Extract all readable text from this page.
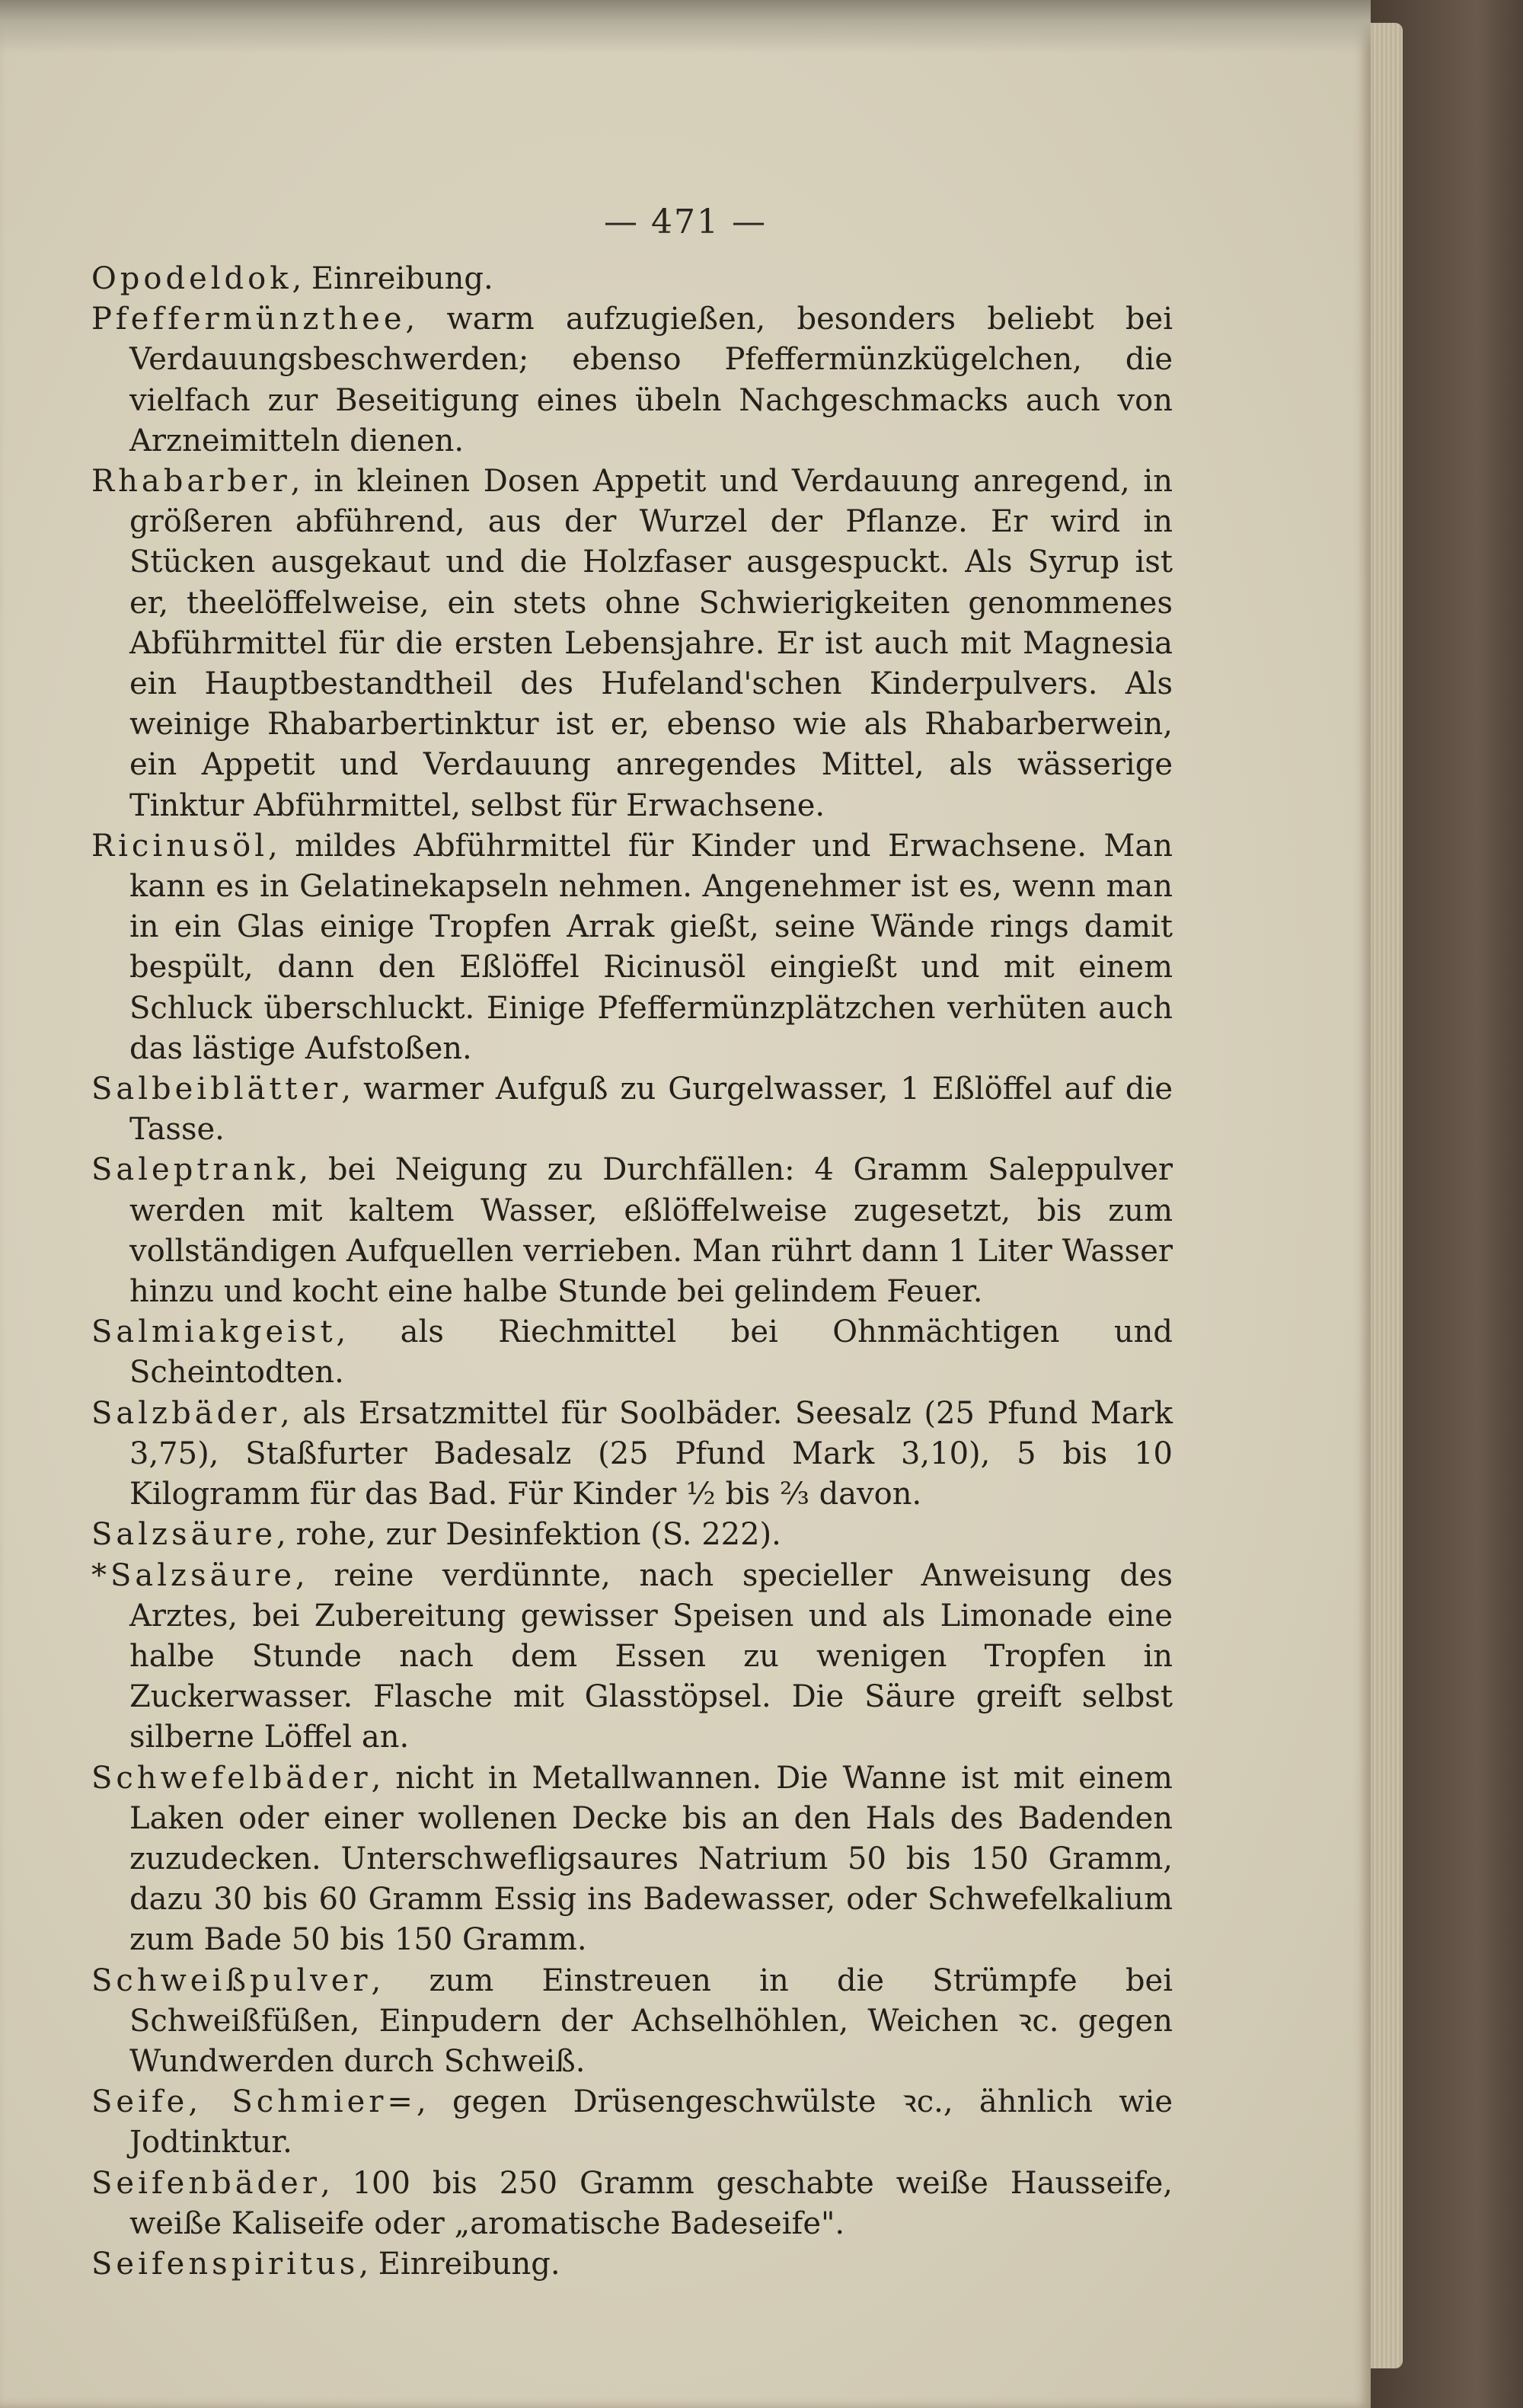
— 471 —

Opodeldok, Einreibung.

Pfeffermünzthee, warm aufzugießen, besonders beliebt bei Verdauungsbeschwerden; ebenso Pfeffermünzkügelchen, die vielfach zur Beseitigung eines übeln Nachgeschmacks auch von Arzneimitteln dienen.

Rhabarber, in kleinen Dosen Appetit und Verdauung anregend, in größeren abführend, aus der Wurzel der Pflanze. Er wird in Stücken ausgekaut und die Holzfaser ausgespuckt. Als Syrup ist er, theelöffelweise, ein stets ohne Schwierigkeiten genommenes Abführmittel für die ersten Lebensjahre. Er ist auch mit Magnesia ein Hauptbestandtheil des Hufeland'schen Kinderpulvers. Als weinige Rhabarbertinktur ist er, ebenso wie als Rhabarberwein, ein Appetit und Verdauung anregendes Mittel, als wässerige Tinktur Abführmittel, selbst für Erwachsene.

Ricinusöl, mildes Abführmittel für Kinder und Erwachsene. Man kann es in Gelatinekapseln nehmen. Angenehmer ist es, wenn man in ein Glas einige Tropfen Arrak gießt, seine Wände rings damit bespült, dann den Eßlöffel Ricinusöl eingießt und mit einem Schluck überschluckt. Einige Pfeffermünzplätzchen verhüten auch das lästige Aufstoßen.

Salbeiblätter, warmer Aufguß zu Gurgelwasser, 1 Eßlöffel auf die Tasse.

Saleptrank, bei Neigung zu Durchfällen: 4 Gramm Saleppulver werden mit kaltem Wasser, eßlöffelweise zugesetzt, bis zum vollständigen Aufquellen verrieben. Man rührt dann 1 Liter Wasser hinzu und kocht eine halbe Stunde bei gelindem Feuer.

Salmiakgeist, als Riechmittel bei Ohnmächtigen und Scheintodten.

Salzbäder, als Ersatzmittel für Soolbäder. Seesalz (25 Pfund Mark 3,75), Staßfurter Badesalz (25 Pfund Mark 3,10), 5 bis 10 Kilogramm für das Bad. Für Kinder ½ bis ⅔ davon.

Salzsäure, rohe, zur Desinfektion (S. 222).

*Salzsäure, reine verdünnte, nach specieller Anweisung des Arztes, bei Zubereitung gewisser Speisen und als Limonade eine halbe Stunde nach dem Essen zu wenigen Tropfen in Zuckerwasser. Flasche mit Glasstöpsel. Die Säure greift selbst silberne Löffel an.

Schwefelbäder, nicht in Metallwannen. Die Wanne ist mit einem Laken oder einer wollenen Decke bis an den Hals des Badenden zuzudecken. Unterschwefligsaures Natrium 50 bis 150 Gramm, dazu 30 bis 60 Gramm Essig ins Badewasser, oder Schwefelkalium zum Bade 50 bis 150 Gramm.

Schweißpulver, zum Einstreuen in die Strümpfe bei Schweißfüßen, Einpudern der Achselhöhlen, Weichen ꝛc. gegen Wundwerden durch Schweiß.

Seife, Schmier=, gegen Drüsengeschwülste ꝛc., ähnlich wie Jodtinktur.

Seifenbäder, 100 bis 250 Gramm geschabte weiße Hausseife, weiße Kaliseife oder „aromatische Badeseife".

Seifenspiritus, Einreibung.
